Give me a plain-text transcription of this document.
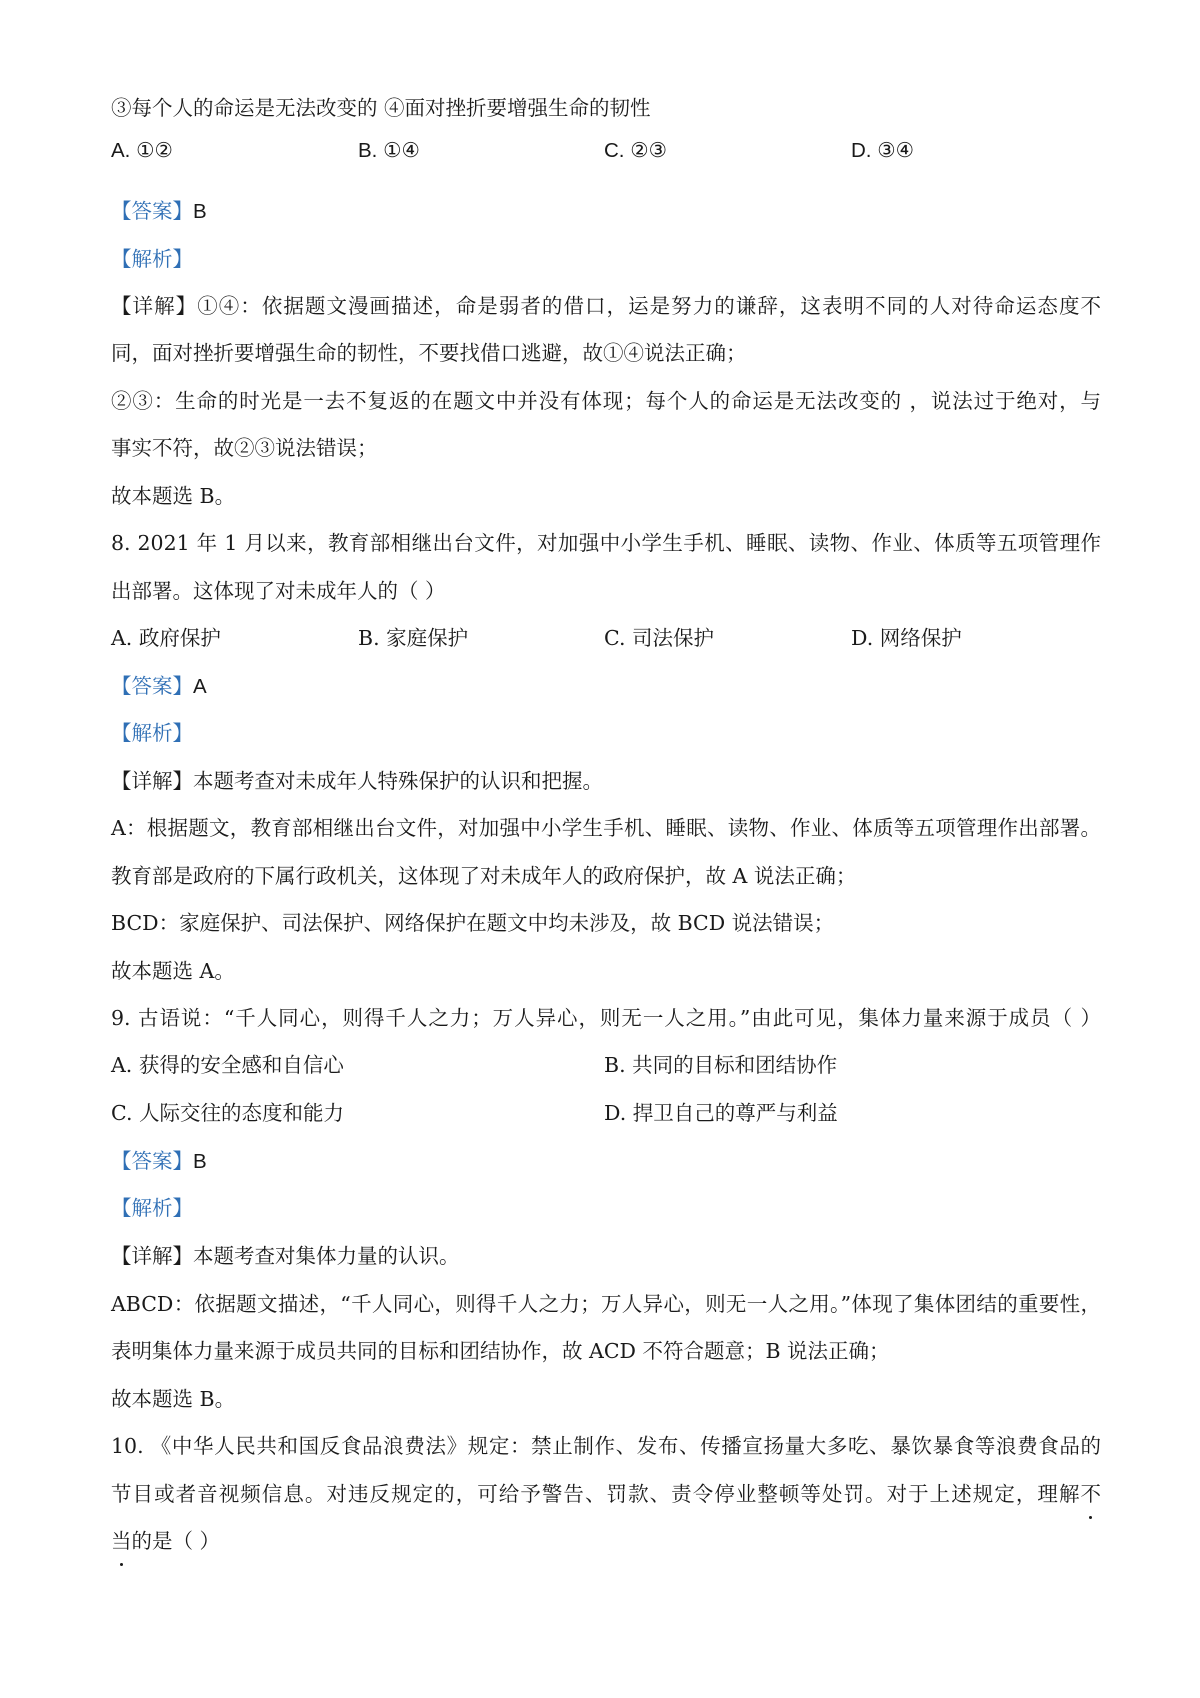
③每个人的命运是无法改变的 ④面对挫折要增强生命的韧性
A. ①②	B. ①④	C. ②③	D. ③④
【答案】B
【解析】
【详解】①④：依据题文漫画描述，命是弱者的借口，运是努力的谦辞，这表明不同的人对待命运态度不
同，面对挫折要增强生命的韧性，不要找借口逃避，故①④说法正确；
②③：生命的时光是一去不复返的在题文中并没有体现；每个人的命运是无法改变的 ，说法过于绝对，与
事实不符，故②③说法错误；
故本题选 B。
8. 2021 年 1 月以来，教育部相继出台文件，对加强中小学生手机、睡眠、读物、作业、体质等五项管理作
出部署。这体现了对未成年人的（ ）
A. 政府保护	B. 家庭保护	C. 司法保护	D. 网络保护
【答案】A
【解析】
【详解】本题考查对未成年人特殊保护的认识和把握。
A：根据题文，教育部相继出台文件，对加强中小学生手机、睡眠、读物、作业、体质等五项管理作出部署。
教育部是政府的下属行政机关，这体现了对未成年人的政府保护，故 A 说法正确；
BCD：家庭保护、司法保护、网络保护在题文中均未涉及，故 BCD 说法错误；
故本题选 A。
9. 古语说：“千人同心，则得千人之力；万人异心，则无一人之用。”由此可见，集体力量来源于成员（ ）
A. 获得的安全感和自信心	B. 共同的目标和团结协作
C. 人际交往的态度和能力	D. 捍卫自己的尊严与利益
【答案】B
【解析】
【详解】本题考查对集体力量的认识。
ABCD：依据题文描述，“千人同心，则得千人之力；万人异心，则无一人之用。”体现了集体团结的重要性，
表明集体力量来源于成员共同的目标和团结协作，故 ACD 不符合题意；B 说法正确；
故本题选 B。
10. 《中华人民共和国反食品浪费法》规定：禁止制作、发布、传播宣扬量大多吃、暴饮暴食等浪费食品的
节目或者音视频信息。对违反规定的，可给予警告、罚款、责令停业整顿等处罚。对于上述规定，理解不
当的是（ ）
